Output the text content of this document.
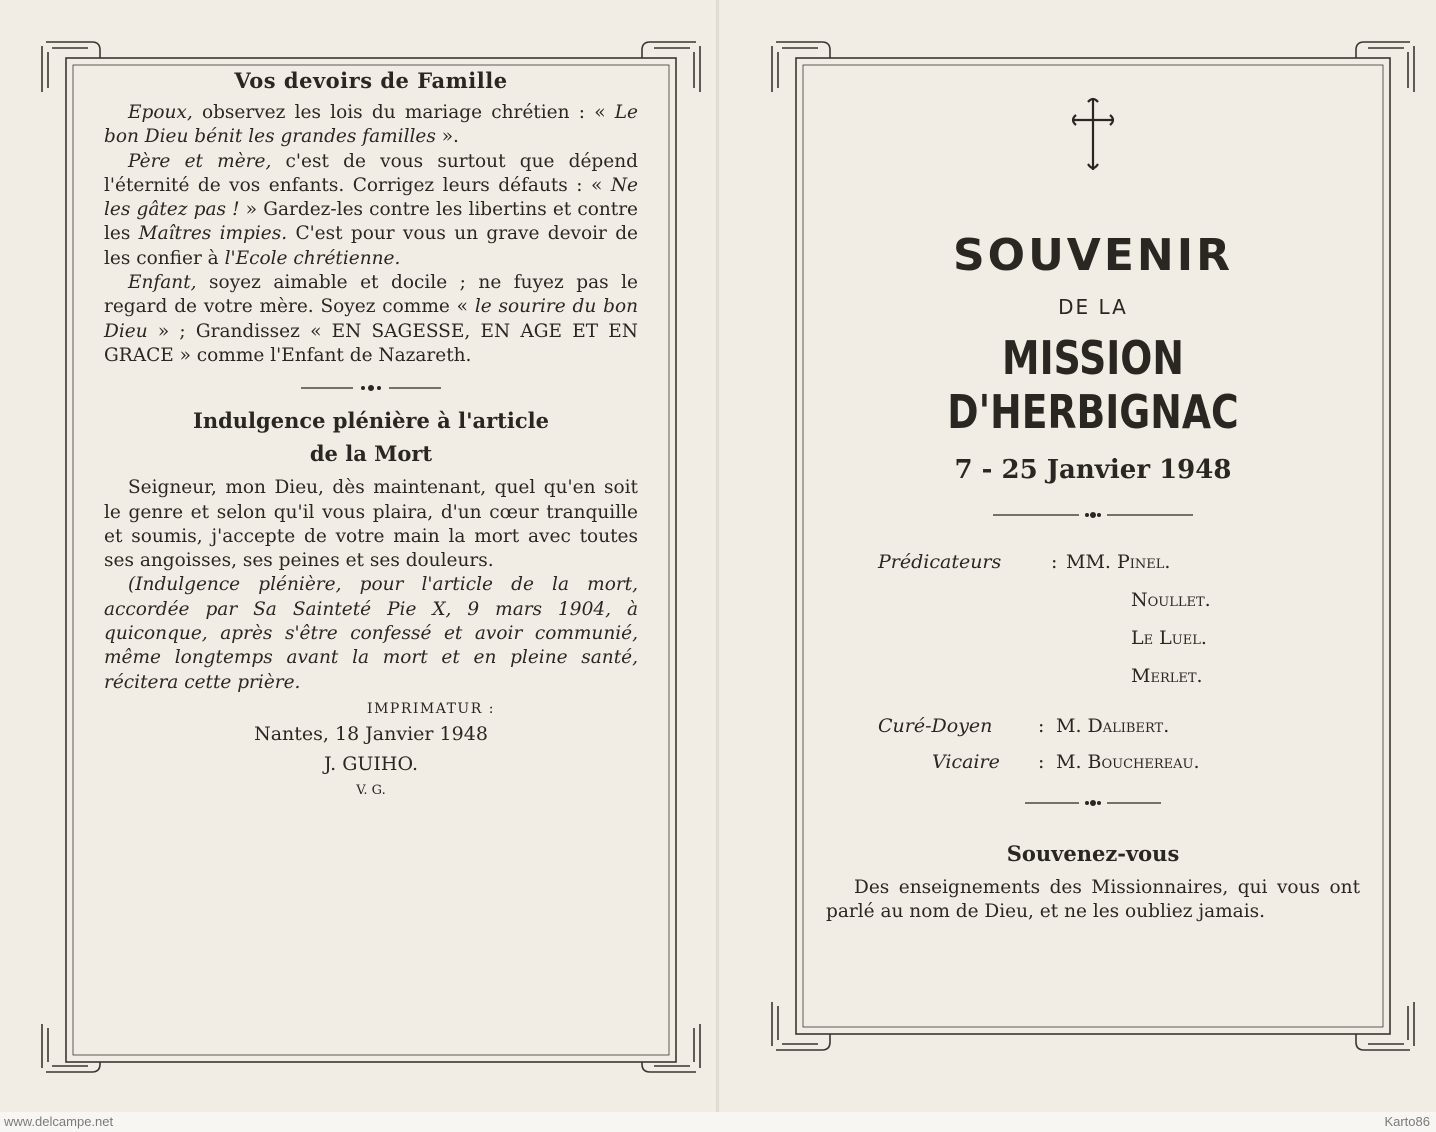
Vos devoirs de Famille
Epoux, observez les lois du mariage chrétien : « Le bon Dieu bénit les grandes familles ».
Père et mère, c'est de vous surtout que dépend l'éternité de vos enfants. Corrigez leurs défauts : « Ne les gâtez pas ! » Gardez-les contre les libertins et contre les Maîtres impies. C'est pour vous un grave devoir de les confier à l'Ecole chrétienne.
Enfant, soyez aimable et docile ; ne fuyez pas le regard de votre mère. Soyez comme « le sourire du bon Dieu » ; Grandissez « EN SAGESSE, EN AGE ET EN GRACE » comme l'Enfant de Nazareth.
Indulgence plénière à l'article
de la Mort
Seigneur, mon Dieu, dès maintenant, quel qu'en soit le genre et selon qu'il vous plaira, d'un cœur tranquille et soumis, j'accepte de votre main la mort avec toutes ses angoisses, ses peines et ses douleurs.
(Indulgence plénière, pour l'article de la mort, accordée par Sa Sainteté Pie X, 9 mars 1904, à quiconque, après s'être confessé et avoir communié, même longtemps avant la mort et en pleine santé, récitera cette prière.
IMPRIMATUR :
Nantes, 18 Janvier 1948
J. GUIHO.
V. G.
SOUVENIR
DE LA
MISSION D'HERBIGNAC
7 - 25 Janvier 1948
Prédicateurs	: MM. Pinel.
Noullet.
Le Luel.
Merlet.
Curé-Doyen : M. Dalibert.
Vicaire : M. Bouchereau.
Souvenez-vous
Des enseignements des Missionnaires, qui vous ont parlé au nom de Dieu, et ne les oubliez jamais.
www.delcampe.net	Karto86
